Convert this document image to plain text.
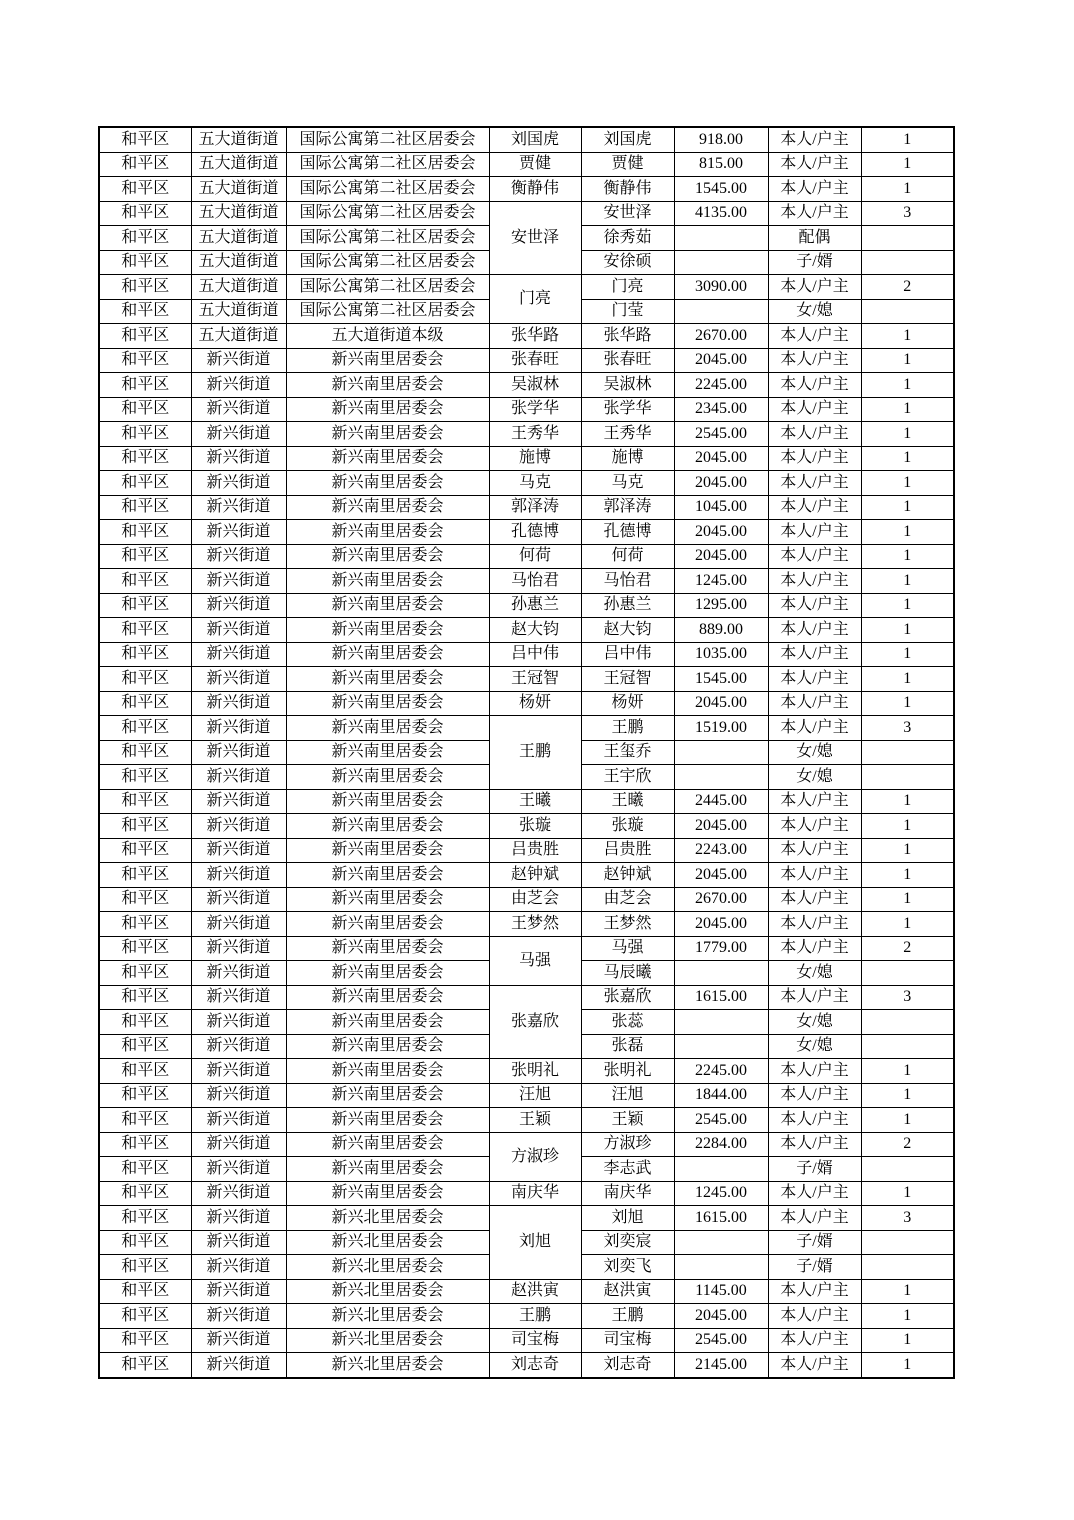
和平区	五大道街道	国际公寓第二社区居委会	刘国虎	刘国虎	918.00	本人/户主	1
和平区	五大道街道	国际公寓第二社区居委会	贾健	贾健	815.00	本人/户主	1
和平区	五大道街道	国际公寓第二社区居委会	衡静伟	衡静伟	1545.00	本人/户主	1
和平区	五大道街道	国际公寓第二社区居委会	安世泽	安世泽	4135.00	本人/户主	3
和平区	五大道街道	国际公寓第二社区居委会		徐秀茹		配偶	
和平区	五大道街道	国际公寓第二社区居委会		安徐硕		子/婿	
和平区	五大道街道	国际公寓第二社区居委会	门亮	门亮	3090.00	本人/户主	2
和平区	五大道街道	国际公寓第二社区居委会		门莹		女/媳	
和平区	五大道街道	五大道街道本级	张华路	张华路	2670.00	本人/户主	1
和平区	新兴街道	新兴南里居委会	张春旺	张春旺	2045.00	本人/户主	1
和平区	新兴街道	新兴南里居委会	吴淑林	吴淑林	2245.00	本人/户主	1
和平区	新兴街道	新兴南里居委会	张学华	张学华	2345.00	本人/户主	1
和平区	新兴街道	新兴南里居委会	王秀华	王秀华	2545.00	本人/户主	1
和平区	新兴街道	新兴南里居委会	施博	施博	2045.00	本人/户主	1
和平区	新兴街道	新兴南里居委会	马克	马克	2045.00	本人/户主	1
和平区	新兴街道	新兴南里居委会	郭泽涛	郭泽涛	1045.00	本人/户主	1
和平区	新兴街道	新兴南里居委会	孔德博	孔德博	2045.00	本人/户主	1
和平区	新兴街道	新兴南里居委会	何荷	何荷	2045.00	本人/户主	1
和平区	新兴街道	新兴南里居委会	马怡君	马怡君	1245.00	本人/户主	1
和平区	新兴街道	新兴南里居委会	孙惠兰	孙惠兰	1295.00	本人/户主	1
和平区	新兴街道	新兴南里居委会	赵大钧	赵大钧	889.00	本人/户主	1
和平区	新兴街道	新兴南里居委会	吕中伟	吕中伟	1035.00	本人/户主	1
和平区	新兴街道	新兴南里居委会	王冠智	王冠智	1545.00	本人/户主	1
和平区	新兴街道	新兴南里居委会	杨妍	杨妍	2045.00	本人/户主	1
和平区	新兴街道	新兴南里居委会	王鹏	王鹏	1519.00	本人/户主	3
和平区	新兴街道	新兴南里居委会		王玺乔		女/媳	
和平区	新兴街道	新兴南里居委会		王宇欣		女/媳	
和平区	新兴街道	新兴南里居委会	王曦	王曦	2445.00	本人/户主	1
和平区	新兴街道	新兴南里居委会	张璇	张璇	2045.00	本人/户主	1
和平区	新兴街道	新兴南里居委会	吕贵胜	吕贵胜	2243.00	本人/户主	1
和平区	新兴街道	新兴南里居委会	赵钟斌	赵钟斌	2045.00	本人/户主	1
和平区	新兴街道	新兴南里居委会	由芝会	由芝会	2670.00	本人/户主	1
和平区	新兴街道	新兴南里居委会	王梦然	王梦然	2045.00	本人/户主	1
和平区	新兴街道	新兴南里居委会	马强	马强	1779.00	本人/户主	2
和平区	新兴街道	新兴南里居委会		马辰曦		女/媳	
和平区	新兴街道	新兴南里居委会	张嘉欣	张嘉欣	1615.00	本人/户主	3
和平区	新兴街道	新兴南里居委会		张蕊		女/媳	
和平区	新兴街道	新兴南里居委会		张磊		女/媳	
和平区	新兴街道	新兴南里居委会	张明礼	张明礼	2245.00	本人/户主	1
和平区	新兴街道	新兴南里居委会	汪旭	汪旭	1844.00	本人/户主	1
和平区	新兴街道	新兴南里居委会	王颖	王颖	2545.00	本人/户主	1
和平区	新兴街道	新兴南里居委会	方淑珍	方淑珍	2284.00	本人/户主	2
和平区	新兴街道	新兴南里居委会		李志武		子/婿	
和平区	新兴街道	新兴南里居委会	南庆华	南庆华	1245.00	本人/户主	1
和平区	新兴街道	新兴北里居委会	刘旭	刘旭	1615.00	本人/户主	3
和平区	新兴街道	新兴北里居委会		刘奕宸		子/婿	
和平区	新兴街道	新兴北里居委会		刘奕飞		子/婿	
和平区	新兴街道	新兴北里居委会	赵洪寅	赵洪寅	1145.00	本人/户主	1
和平区	新兴街道	新兴北里居委会	王鹏	王鹏	2045.00	本人/户主	1
和平区	新兴街道	新兴北里居委会	司宝梅	司宝梅	2545.00	本人/户主	1
和平区	新兴街道	新兴北里居委会	刘志奇	刘志奇	2145.00	本人/户主	1
